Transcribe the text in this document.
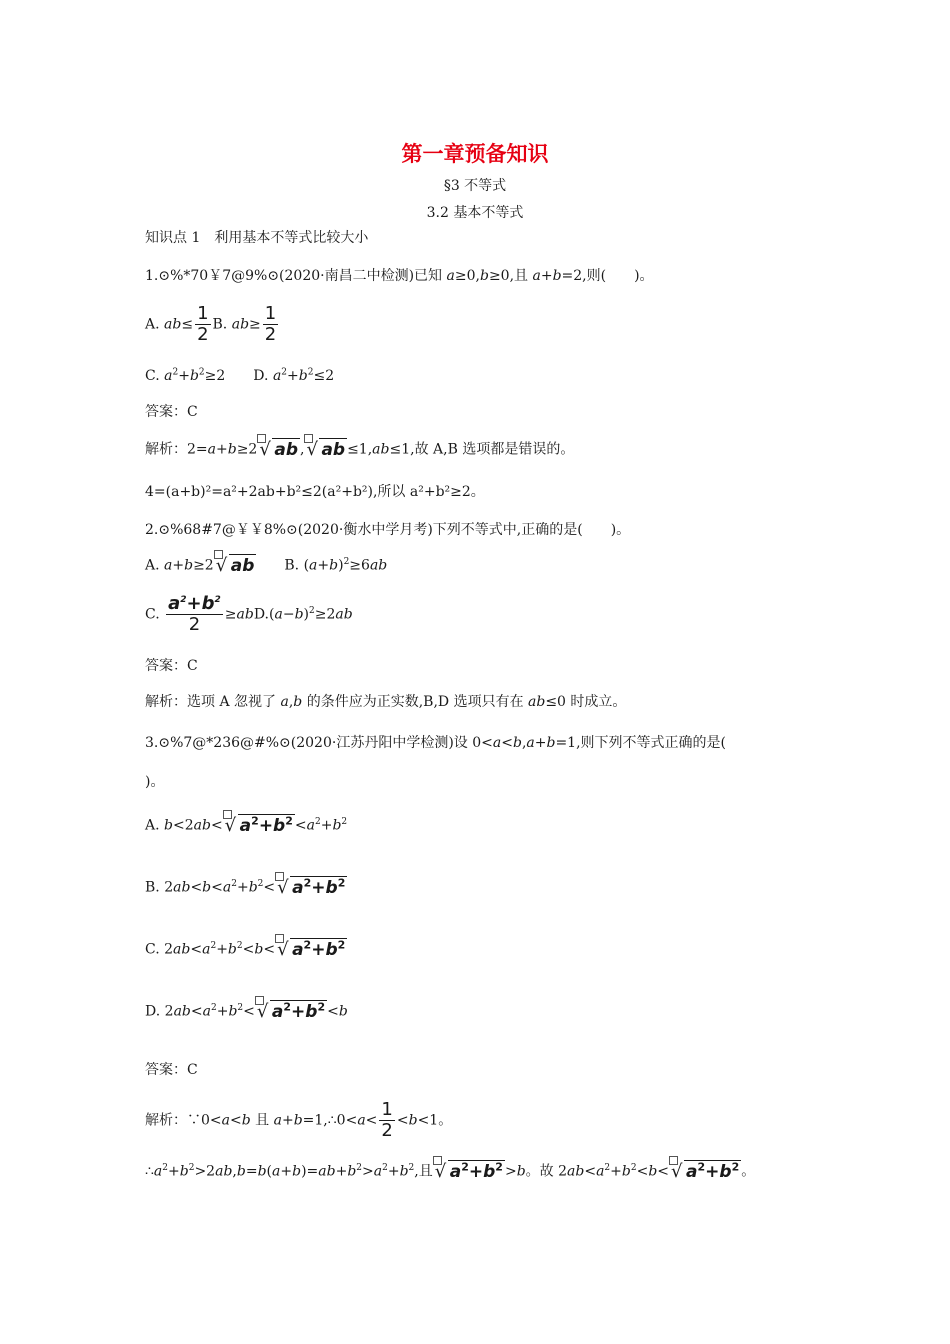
第一章预备知识
§3 不等式
3.2 基本不等式
知识点 1　利用基本不等式比较大小
1.⊙%*70￥7@9%⊙(2020·南昌二中检测)已知 a≥0,b≥0,且 a+b=2,则(　　)。
A. $ab\le \frac{1}{2} B$. $ab\ge \frac{1}{2}$
C. $a^2+b^2\ge 2$　　D. $a^2+b^2\le 2$
答案：C
解析：2=a+b≥2 √ ab , √ ab ≤1,ab≤1,故 A,B 选项都是错误的。
4=(a+b)²=a²+2ab+b²≤2(a²+b²),所以 a²+b²≥2。
2.⊙%68#7@￥￥8%⊙(2020·衡水中学月考)下列不等式中,正确的是(　　)。
A. a+b≥2 √ ab　　 B. $(a+b)^2\ge 6ab$
C. $\frac{a^2+b^2}{2} \ge abD.(a-b)^2\ge 2ab$
答案：C
解析：选项 A 忽视了 a,b 的条件应为正实数,B,D 选项只有在 ab≤0 时成立。
3.⊙%7@*236@#%⊙(2020·江苏丹阳中学检测)设 0<a<b,a+b=1,则下列不等式正确的是(
)。
A. b<2ab< √ $a^2+b^2 <a^2+b^2$
B. $2ab<b<a^2+b^2<$ √ $a^2+b^2$
C. $2ab<a^2+b^2<b<$ √ $a^2+b^2$
D. $2ab<a^2+b^2<$ √ $a^2+b^2 <b$
答案：C
解析：∵0<a<b 且 a+b=1,∴0<a< $\frac{1}{2} <b<1$。
$\therefore a^2+b^2>2ab,b=b(a+b)=ab+b^2>a^2+b^2$,且 √ $a^2+b^2 >b$。故 $2ab<a^2+b^2<b<$ √ $a^2+b^2$ 。
